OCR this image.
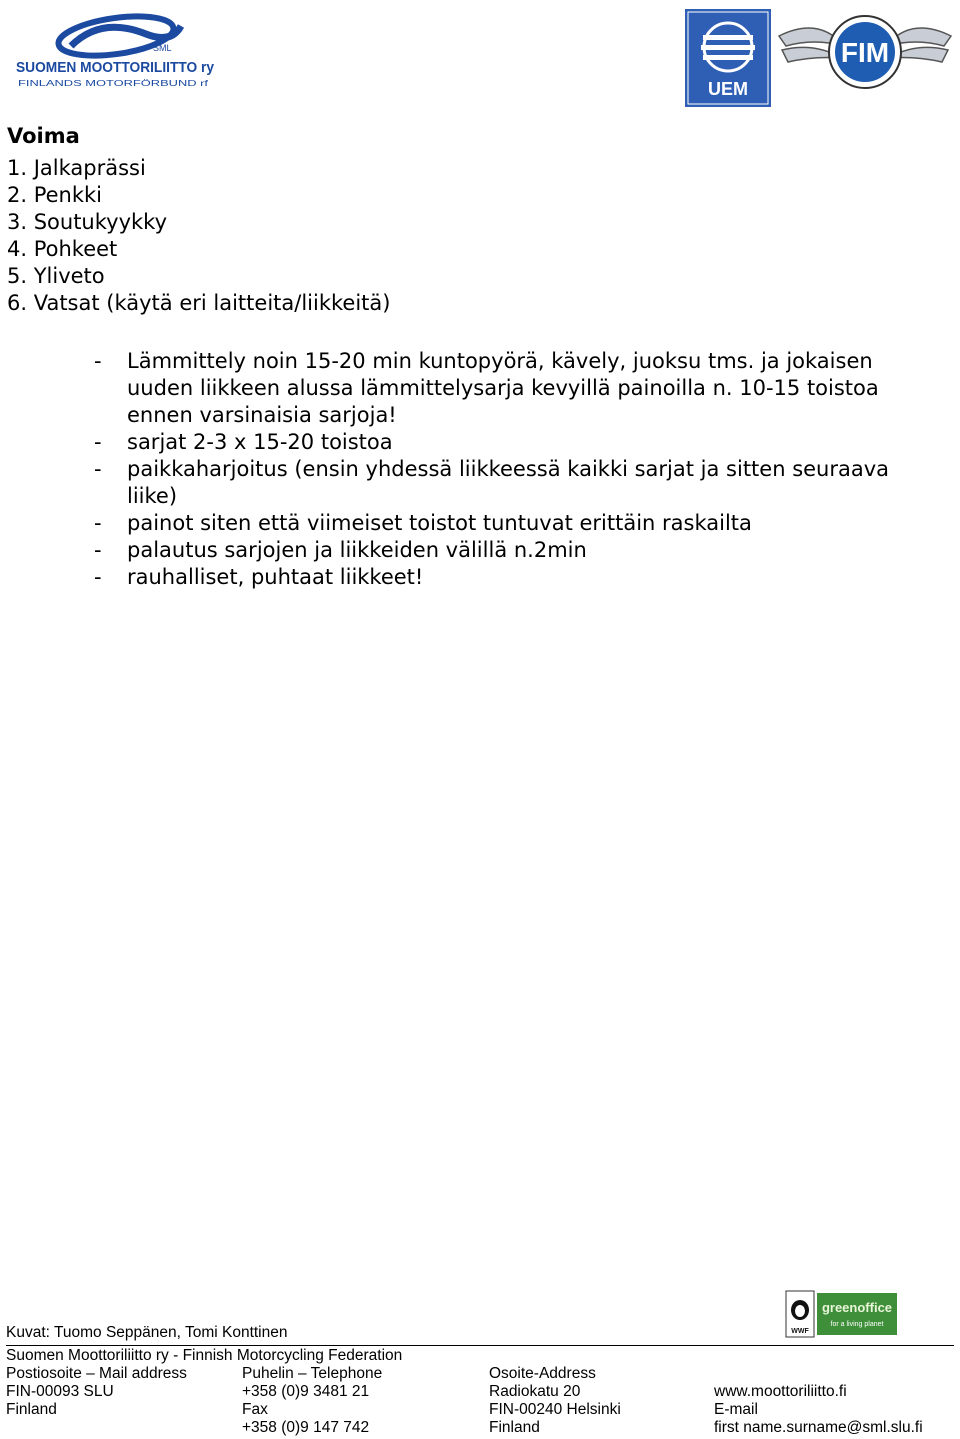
SML
SUOMEN MOOTTORILIITTO ry
FINLANDS MOTORFÖRBUND rf	UEM
FIM
Voima
1. Jalkaprässi
2. Penkki
3. Soutukyykky
4. Pohkeet
5. Yliveto
6. Vatsat (käytä eri laitteita/liikkeitä)
- Lämmittely noin 15-20 min kuntopyörä, kävely, juoksu tms. ja jokaisen uuden liikkeen alussa lämmittelysarja kevyillä painoilla n. 10-15 toistoa ennen varsinaisia sarjoja!
- sarjat 2-3 x 15-20 toistoa
- paikkaharjoitus (ensin yhdessä liikkeessä kaikki sarjat ja sitten seuraava liike)
- painot siten että viimeiset toistot tuntuvat erittäin raskailta
- palautus sarjojen ja liikkeiden välillä n.2min
- rauhalliset, puhtaat liikkeet!
WWF
greenoffice
for a living planet
Kuvat: Tuomo Seppänen, Tomi Konttinen
Suomen Moottoriliitto ry - Finnish Motorcycling Federation
Postiosoite – Mail address
FIN-00093 SLU
Finland
Puhelin – Telephone
+358 (0)9 3481 21
Fax
+358 (0)9 147 742
Osoite-Address
Radiokatu 20
FIN-00240 Helsinki
Finland

www.moottoriliitto.fi
E-mail
first name.surname@sml.slu.fi
